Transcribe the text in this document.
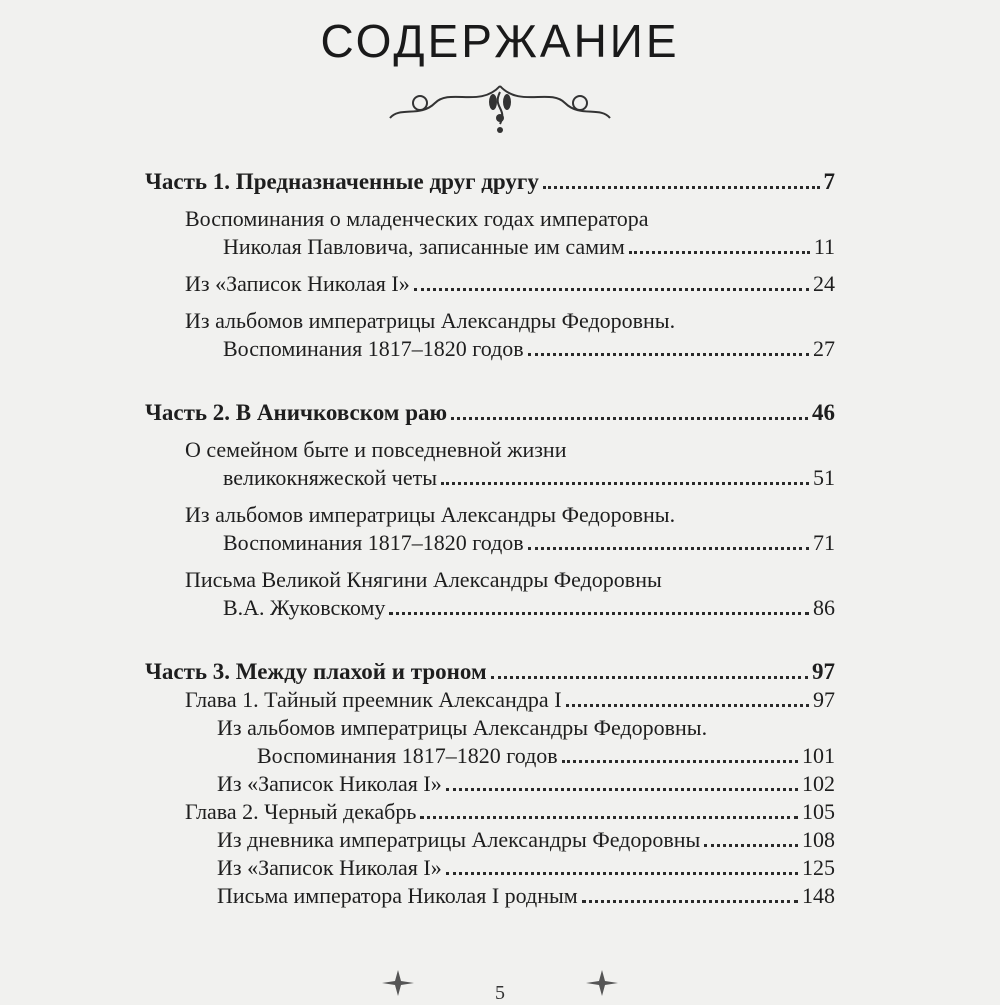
СОДЕРЖАНИЕ
Часть 1. Предназначенные друг другу	7
Воспоминания о младенческих годах императора
Николая Павловича, записанные им самим	11
Из «Записок Николая I»	24
Из альбомов императрицы Александры Федоровны.
Воспоминания 1817–1820 годов	27
Часть 2. В Аничковском раю	46
О семейном быте и повседневной жизни
великокняжеской четы	51
Из альбомов императрицы Александры Федоровны.
Воспоминания 1817–1820 годов	71
Письма Великой Княгини Александры Федоровны
В.А. Жуковскому	86
Часть 3. Между плахой и троном	97
Глава 1. Тайный преемник Александра I	97
Из альбомов императрицы Александры Федоровны.
Воспоминания 1817–1820 годов	101
Из «Записок Николая I»	102
Глава 2. Черный декабрь	105
Из дневника императрицы Александры Федоровны	108
Из «Записок Николая I»	125
Письма императора Николая I родным	148
5
